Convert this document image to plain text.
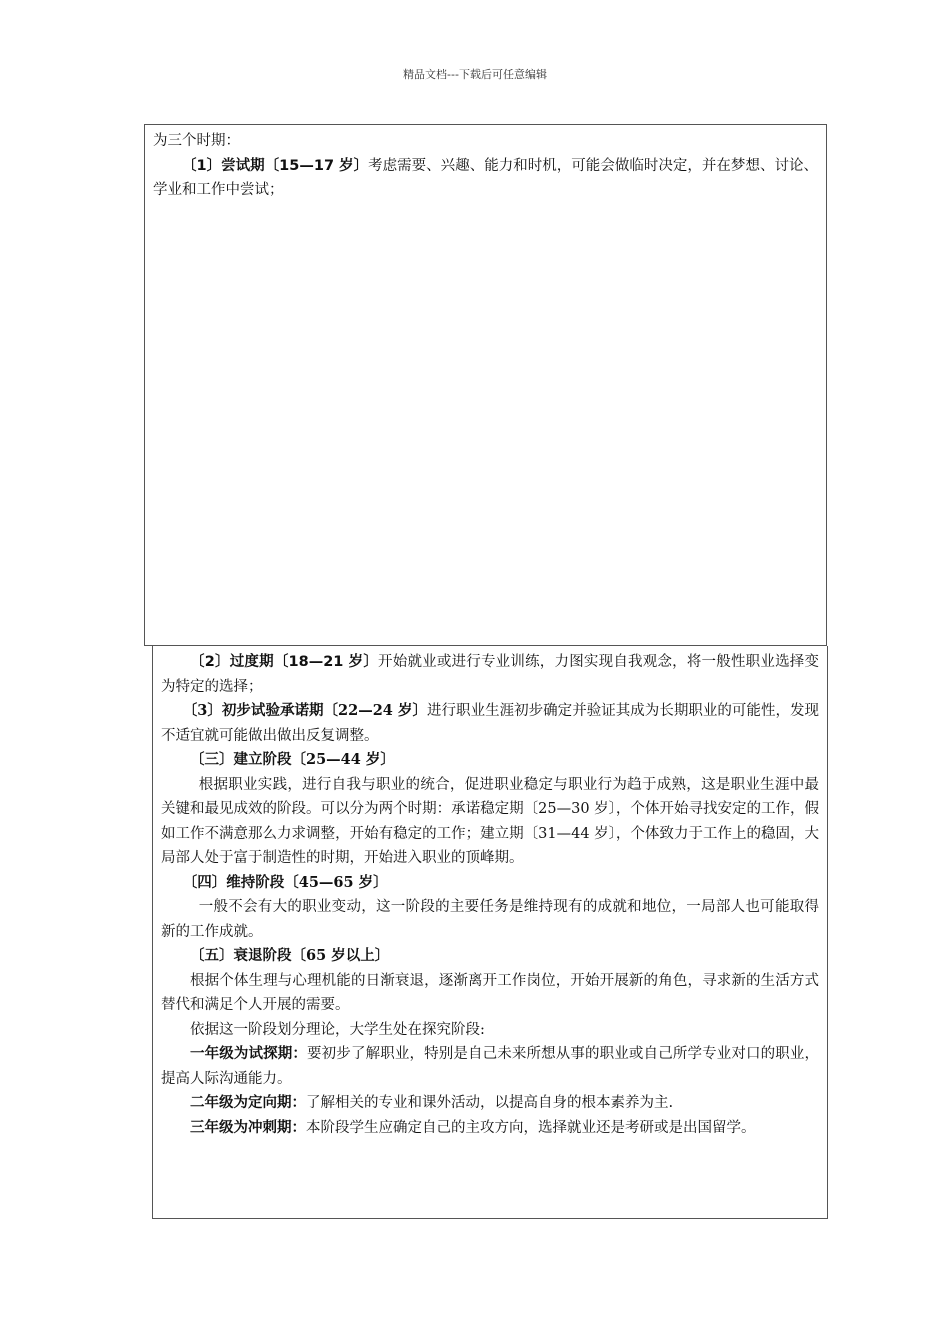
精品文档---下载后可任意编辑

为三个时期：

〔1〕尝试期〔15—17 岁〕考虑需要、兴趣、能力和时机，可能会做临时决定，并在梦想、讨论、学业和工作中尝试；

〔2〕过度期〔18—21 岁〕开始就业或进行专业训练，力图实现自我观念，将一般性职业选择变为特定的选择；

〔3〕初步试验承诺期〔22—24 岁〕进行职业生涯初步确定并验证其成为长期职业的可能性，发现不适宜就可能做出做出反复调整。

〔三〕建立阶段〔25—44 岁〕

根据职业实践，进行自我与职业的统合，促进职业稳定与职业行为趋于成熟，这是职业生涯中最关键和最见成效的阶段。可以分为两个时期：承诺稳定期〔25—30 岁〕，个体开始寻找安定的工作，假如工作不满意那么力求调整，开始有稳定的工作；建立期〔31—44 岁〕，个体致力于工作上的稳固，大局部人处于富于制造性的时期，开始进入职业的顶峰期。

〔四〕维持阶段〔45—65 岁〕

一般不会有大的职业变动，这一阶段的主要任务是维持现有的成就和地位，一局部人也可能取得新的工作成就。

〔五〕衰退阶段〔65 岁以上〕

根据个体生理与心理机能的日渐衰退，逐渐离开工作岗位，开始开展新的角色，寻求新的生活方式替代和满足个人开展的需要。

依据这一阶段划分理论，大学生处在探究阶段:

一年级为试探期：要初步了解职业，特别是自己未来所想从事的职业或自己所学专业对口的职业，提高人际沟通能力。

二年级为定向期：了解相关的专业和课外活动，以提高自身的根本素养为主.

三年级为冲刺期：本阶段学生应确定自己的主攻方向，选择就业还是考研或是出国留学。
